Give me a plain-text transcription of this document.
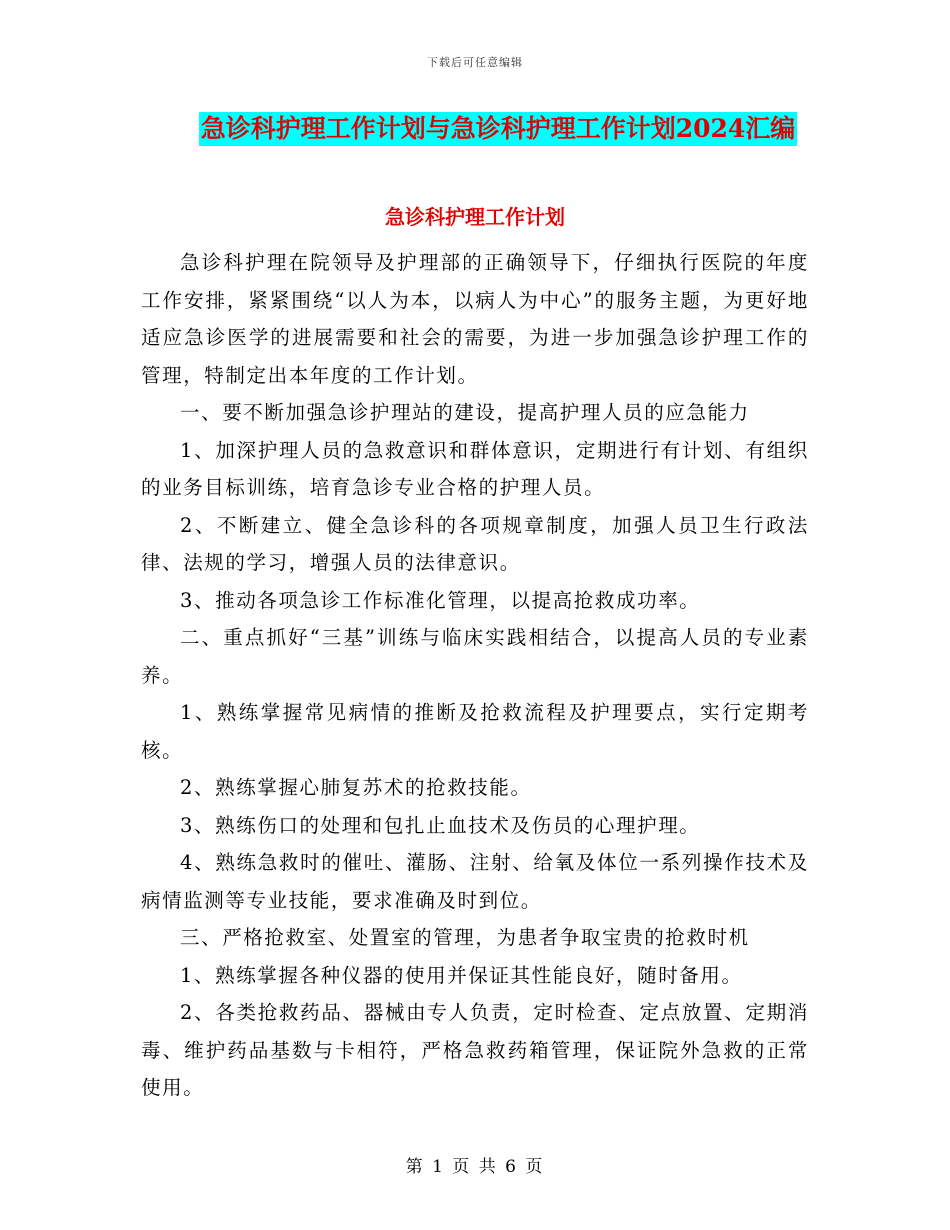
下载后可任意编辑
急诊科护理工作计划与急诊科护理工作计划2024汇编
急诊科护理工作计划

急诊科护理在院领导及护理部的正确领导下，仔细执行医院的年度工作安排，紧紧围绕“以人为本，以病人为中心”的服务主题，为更好地适应急诊医学的进展需要和社会的需要，为进一步加强急诊护理工作的管理，特制定出本年度的工作计划。

一、要不断加强急诊护理站的建设，提高护理人员的应急能力

1、加深护理人员的急救意识和群体意识，定期进行有计划、有组织的业务目标训练，培育急诊专业合格的护理人员。

2、不断建立、健全急诊科的各项规章制度，加强人员卫生行政法律、法规的学习，增强人员的法律意识。

3、推动各项急诊工作标准化管理，以提高抢救成功率。

二、重点抓好“三基”训练与临床实践相结合，以提高人员的专业素养。

1、熟练掌握常见病情的推断及抢救流程及护理要点，实行定期考核。

2、熟练掌握心肺复苏术的抢救技能。

3、熟练伤口的处理和包扎止血技术及伤员的心理护理。

4、熟练急救时的催吐、灌肠、注射、给氧及体位一系列操作技术及病情监测等专业技能，要求准确及时到位。

三、严格抢救室、处置室的管理，为患者争取宝贵的抢救时机

1、熟练掌握各种仪器的使用并保证其性能良好，随时备用。

2、各类抢救药品、器械由专人负责，定时检查、定点放置、定期消毒、维护药品基数与卡相符，严格急救药箱管理，保证院外急救的正常使用。

第 1 页 共 6 页
